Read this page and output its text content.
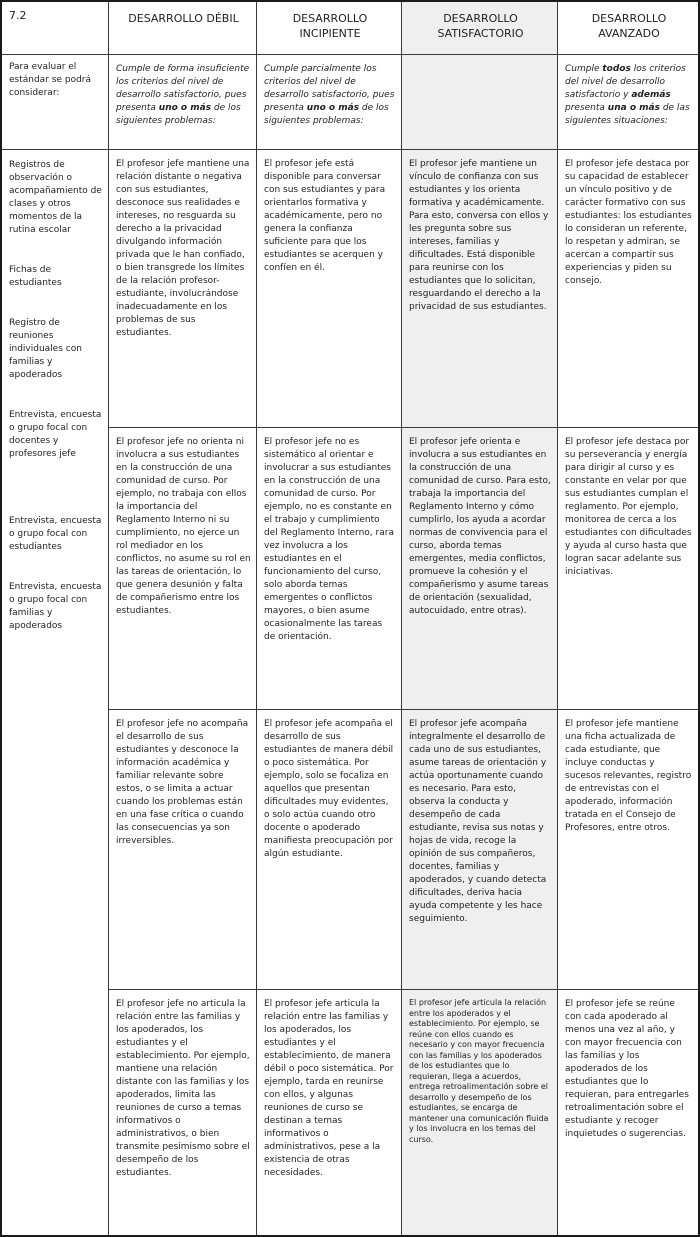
7.2	DESARROLLO DÉBIL	DESARROLLO INCIPIENTE
DESARROLLO SATISFACTORIO
DESARROLLO AVANZADO
Para evaluar el estándar se podrá considerar:
Cumple de forma insuficiente los criterios del nivel de desarrollo satisfactorio, pues presenta uno o más de los siguientes problemas:
Cumple parcialmente los criterios del nivel de desarrollo satisfactorio, pues presenta uno o más de los siguientes problemas:
Cumple todos los criterios del nivel de desarrollo satisfactorio y además presenta una o más de las siguientes situaciones:
Registros de observación o acompañamiento de clases y otros momentos de la rutina escolar
Fichas de estudiantes
Registro de reuniones individuales con familias y apoderados
Entrevista, encuesta o grupo focal con docentes y profesores jefe
Entrevista, encuesta o grupo focal con estudiantes
Entrevista, encuesta o grupo focal con familias y apoderados
El profesor jefe mantiene una relación distante o negativa con sus estudiantes, desconoce sus realidades e intereses, no resguarda su derecho a la privacidad divulgando información privada que le han confiado, o bien transgrede los límites de la relación profesor-estudiante, involucrándose inadecuadamente en los problemas de sus estudiantes.
El profesor jefe está disponible para conversar con sus estudiantes y para orientarlos formativa y académicamente, pero no genera la confianza suficiente para que los estudiantes se acerquen y confíen en él.
El profesor jefe mantiene un vínculo de confianza con sus estudiantes y los orienta formativa y académicamente. Para esto, conversa con ellos y les pregunta sobre sus intereses, familias y dificultades. Está disponible para reunirse con los estudiantes que lo solicitan, resguardando el derecho a la privacidad de sus estudiantes.
El profesor jefe destaca por su capacidad de establecer un vínculo positivo y de carácter formativo con sus estudiantes: los estudiantes lo consideran un referente, lo respetan y admiran, se acercan a compartir sus experiencias y piden su consejo.
El profesor jefe no orienta ni involucra a sus estudiantes en la construcción de una comunidad de curso. Por ejemplo, no trabaja con ellos la importancia del Reglamento Interno ni su cumplimiento, no ejerce un rol mediador en los conflictos, no asume su rol en las tareas de orientación, lo que genera desunión y falta de compañerismo entre los estudiantes.
El profesor jefe no es sistemático al orientar e involucrar a sus estudiantes en la construcción de una comunidad de curso. Por ejemplo, no es constante en el trabajo y cumplimiento del Reglamento Interno, rara vez involucra a los estudiantes en el funcionamiento del curso, solo aborda temas emergentes o conflictos mayores, o bien asume ocasionalmente las tareas de orientación.
El profesor jefe orienta e involucra a sus estudiantes en la construcción de una comunidad de curso. Para esto, trabaja la importancia del Reglamento Interno y cómo cumplirlo, los ayuda a acordar normas de convivencia para el curso, aborda temas emergentes, media conflictos, promueve la cohesión y el compañerismo y asume tareas de orientación (sexualidad, autocuidado, entre otras).
El profesor jefe destaca por su perseverancia y energía para dirigir al curso y es constante en velar por que sus estudiantes cumplan el reglamento. Por ejemplo, monitorea de cerca a los estudiantes con dificultades y ayuda al curso hasta que logran sacar adelante sus iniciativas.
El profesor jefe no acompaña el desarrollo de sus estudiantes y desconoce la información académica y familiar relevante sobre estos, o se limita a actuar cuando los problemas están en una fase crítica o cuando las consecuencias ya son irreversibles.
El profesor jefe acompaña el desarrollo de sus estudiantes de manera débil o poco sistemática. Por ejemplo, solo se focaliza en aquellos que presentan dificultades muy evidentes, o solo actúa cuando otro docente o apoderado manifiesta preocupación por algún estudiante.
El profesor jefe acompaña integralmente el desarrollo de cada uno de sus estudiantes, asume tareas de orientación y actúa oportunamente cuando es necesario. Para esto, observa la conducta y desempeño de cada estudiante, revisa sus notas y hojas de vida, recoge la opinión de sus compañeros, docentes, familias y apoderados, y cuando detecta dificultades, deriva hacia ayuda competente y les hace seguimiento.
El profesor jefe mantiene una ficha actualizada de cada estudiante, que incluye conductas y sucesos relevantes, registro de entrevistas con el apoderado, información tratada en el Consejo de Profesores, entre otros.
El profesor jefe no articula la relación entre las familias y los apoderados, los estudiantes y el establecimiento. Por ejemplo, mantiene una relación distante con las familias y los apoderados, limita las reuniones de curso a temas informativos o administrativos, o bien transmite pesimismo sobre el desempeño de los estudiantes.
El profesor jefe articula la relación entre las familias y los apoderados, los estudiantes y el establecimiento, de manera débil o poco sistemática. Por ejemplo, tarda en reunirse con ellos, y algunas reuniones de curso se destinan a temas informativos o administrativos, pese a la existencia de otras necesidades.
El profesor jefe articula la relación entre los apoderados y el establecimiento. Por ejemplo, se reúne con ellos cuando es necesario y con mayor frecuencia con las familias y los apoderados de los estudiantes que lo requieran, llega a acuerdos, entrega retroalimentación sobre el desarrollo y desempeño de los estudiantes, se encarga de mantener una comunicación fluida y los involucra en los temas del curso.
El profesor jefe se reúne con cada apoderado al menos una vez al año, y con mayor frecuencia con las familias y los apoderados de los estudiantes que lo requieran, para entregarles retroalimentación sobre el estudiante y recoger inquietudes o sugerencias.
